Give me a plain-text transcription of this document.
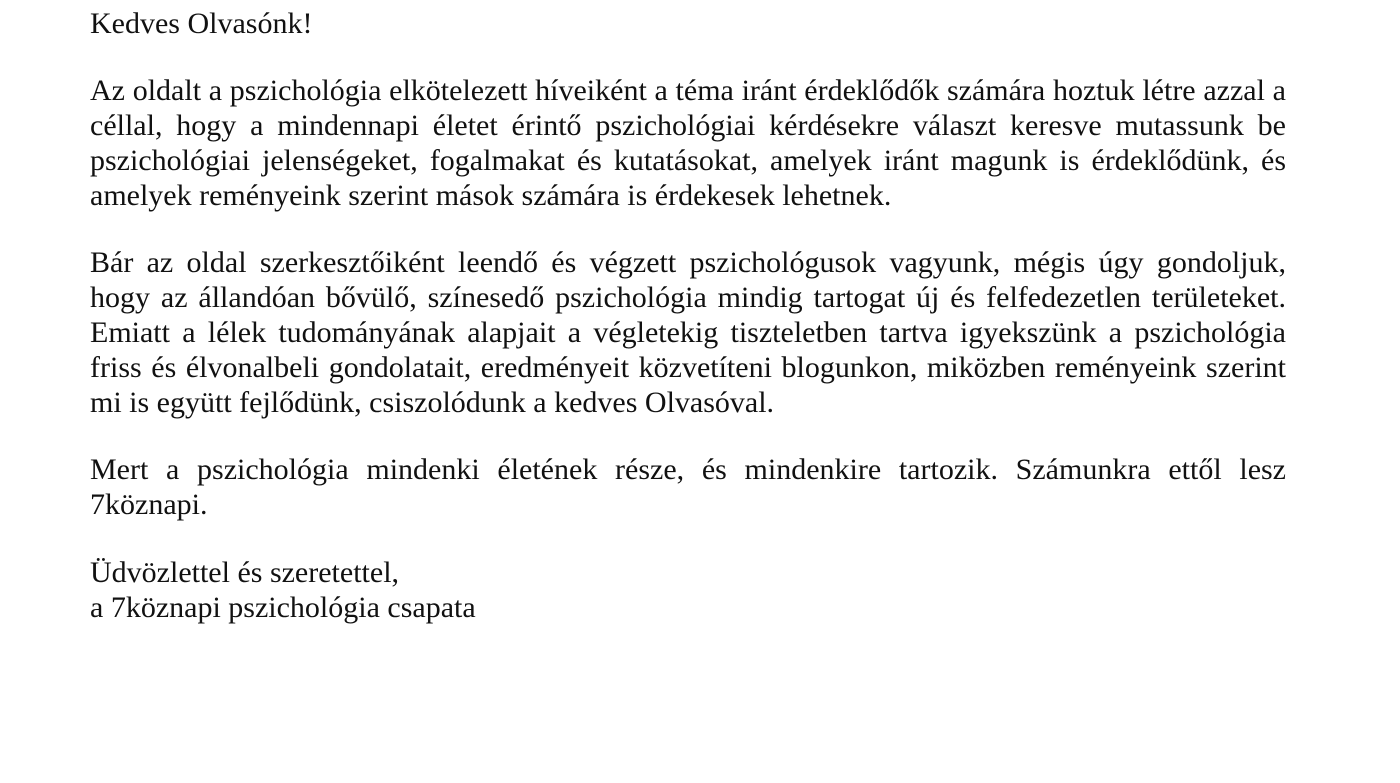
Kedves Olvasónk!

Az oldalt a pszichológia elkötelezett híveiként a téma iránt érdeklődők számára hoztuk létre azzal a céllal, hogy a mindennapi életet érintő pszichológiai kérdésekre választ keresve mutassunk be pszichológiai jelenségeket, fogalmakat és kutatásokat, amelyek iránt magunk is érdeklődünk, és amelyek reményeink szerint mások számára is érdekesek lehetnek.

Bár az oldal szerkesztőiként leendő és végzett pszichológusok vagyunk, mégis úgy gondoljuk, hogy az állandóan bővülő, színesedő pszichológia mindig tartogat új és felfedezetlen területeket. Emiatt a lélek tudományának alapjait a végletekig tiszteletben tartva igyekszünk a pszichológia friss és élvonalbeli gondolatait, eredményeit közvetíteni blogunkon, miközben reményeink szerint mi is együtt fejlődünk, csiszolódunk a kedves Olvasóval.

Mert a pszichológia mindenki életének része, és mindenkire tartozik. Számunkra ettől lesz 7köznapi.

Üdvözlettel és szeretettel,
a 7köznapi pszichológia csapata
